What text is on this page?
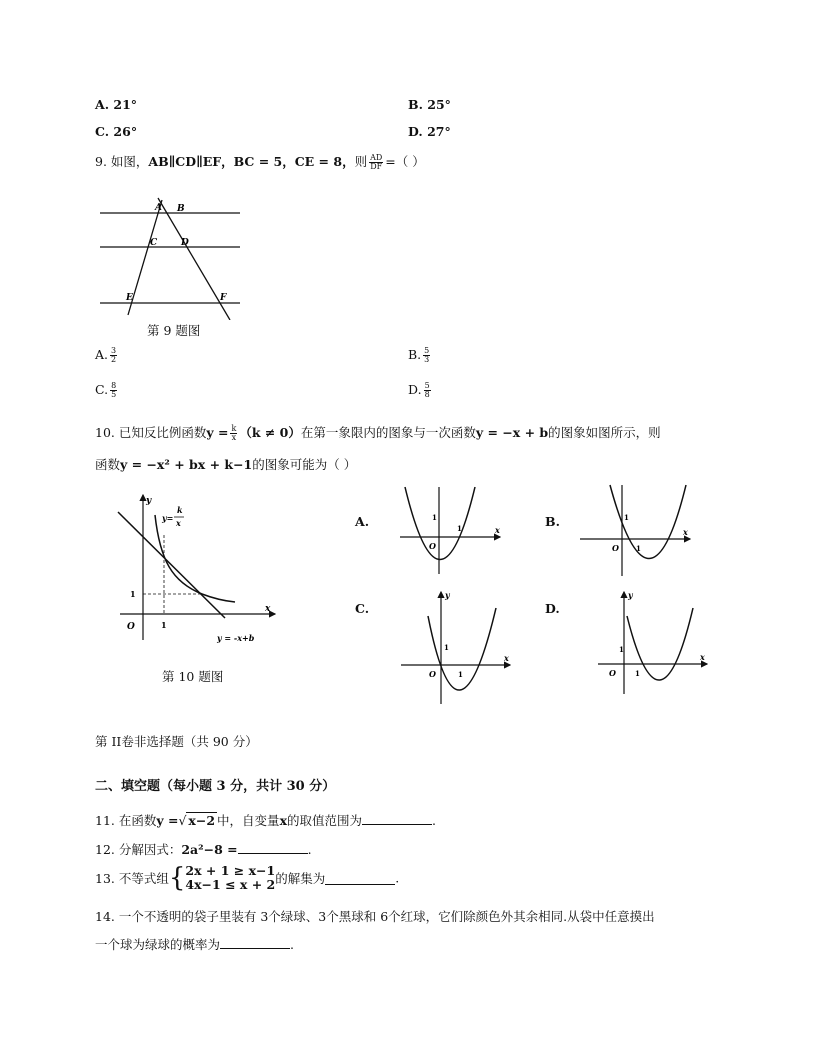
A. 21°	B. 25°
C. 26°	D. 27°
9. 如图，AB∥CD∥EF，BC = 5，CE = 8，则 $\frac{AD}{DF}$ =（ ）
A B
C	D
E	F
第 9 题图
A. $\frac{3}{2}$	B. $\frac{5}{3}$
C. $\frac{8}{5}$	D. $\frac{5}{8}$
10. 已知反比例函数$y = \frac{k}{x} (k \ne 0)$在第一象限内的图象与一次函数y = −x + b的图象如图所示，则
函数y = −x² + bx + k−1的图象可能为（ ）
y
x
O	1
1
y=
k
x
y = -x+b
第 10 题图
A.	B.
C.	D.
x
O
1
1	x
O
1
1
y
x
O
1
1
y
x
O
1
1
第 II卷非选择题（共 90 分）
二、填空题（每小题 3 分，共计 30 分）
11. 在函数y =√ x−2 中，自变量x的取值范围为	.
12. 分解因式：2a²−8 =	.
13. 不等式组{ 2x + 1 ≥ x−1
4x−1 ≤ x + 2 的解集为	.
14. 一个不透明的袋子里装有 3个绿球、3个黑球和 6个红球，它们除颜色外其余相同.从袋中任意摸出
一个球为绿球的概率为	.
